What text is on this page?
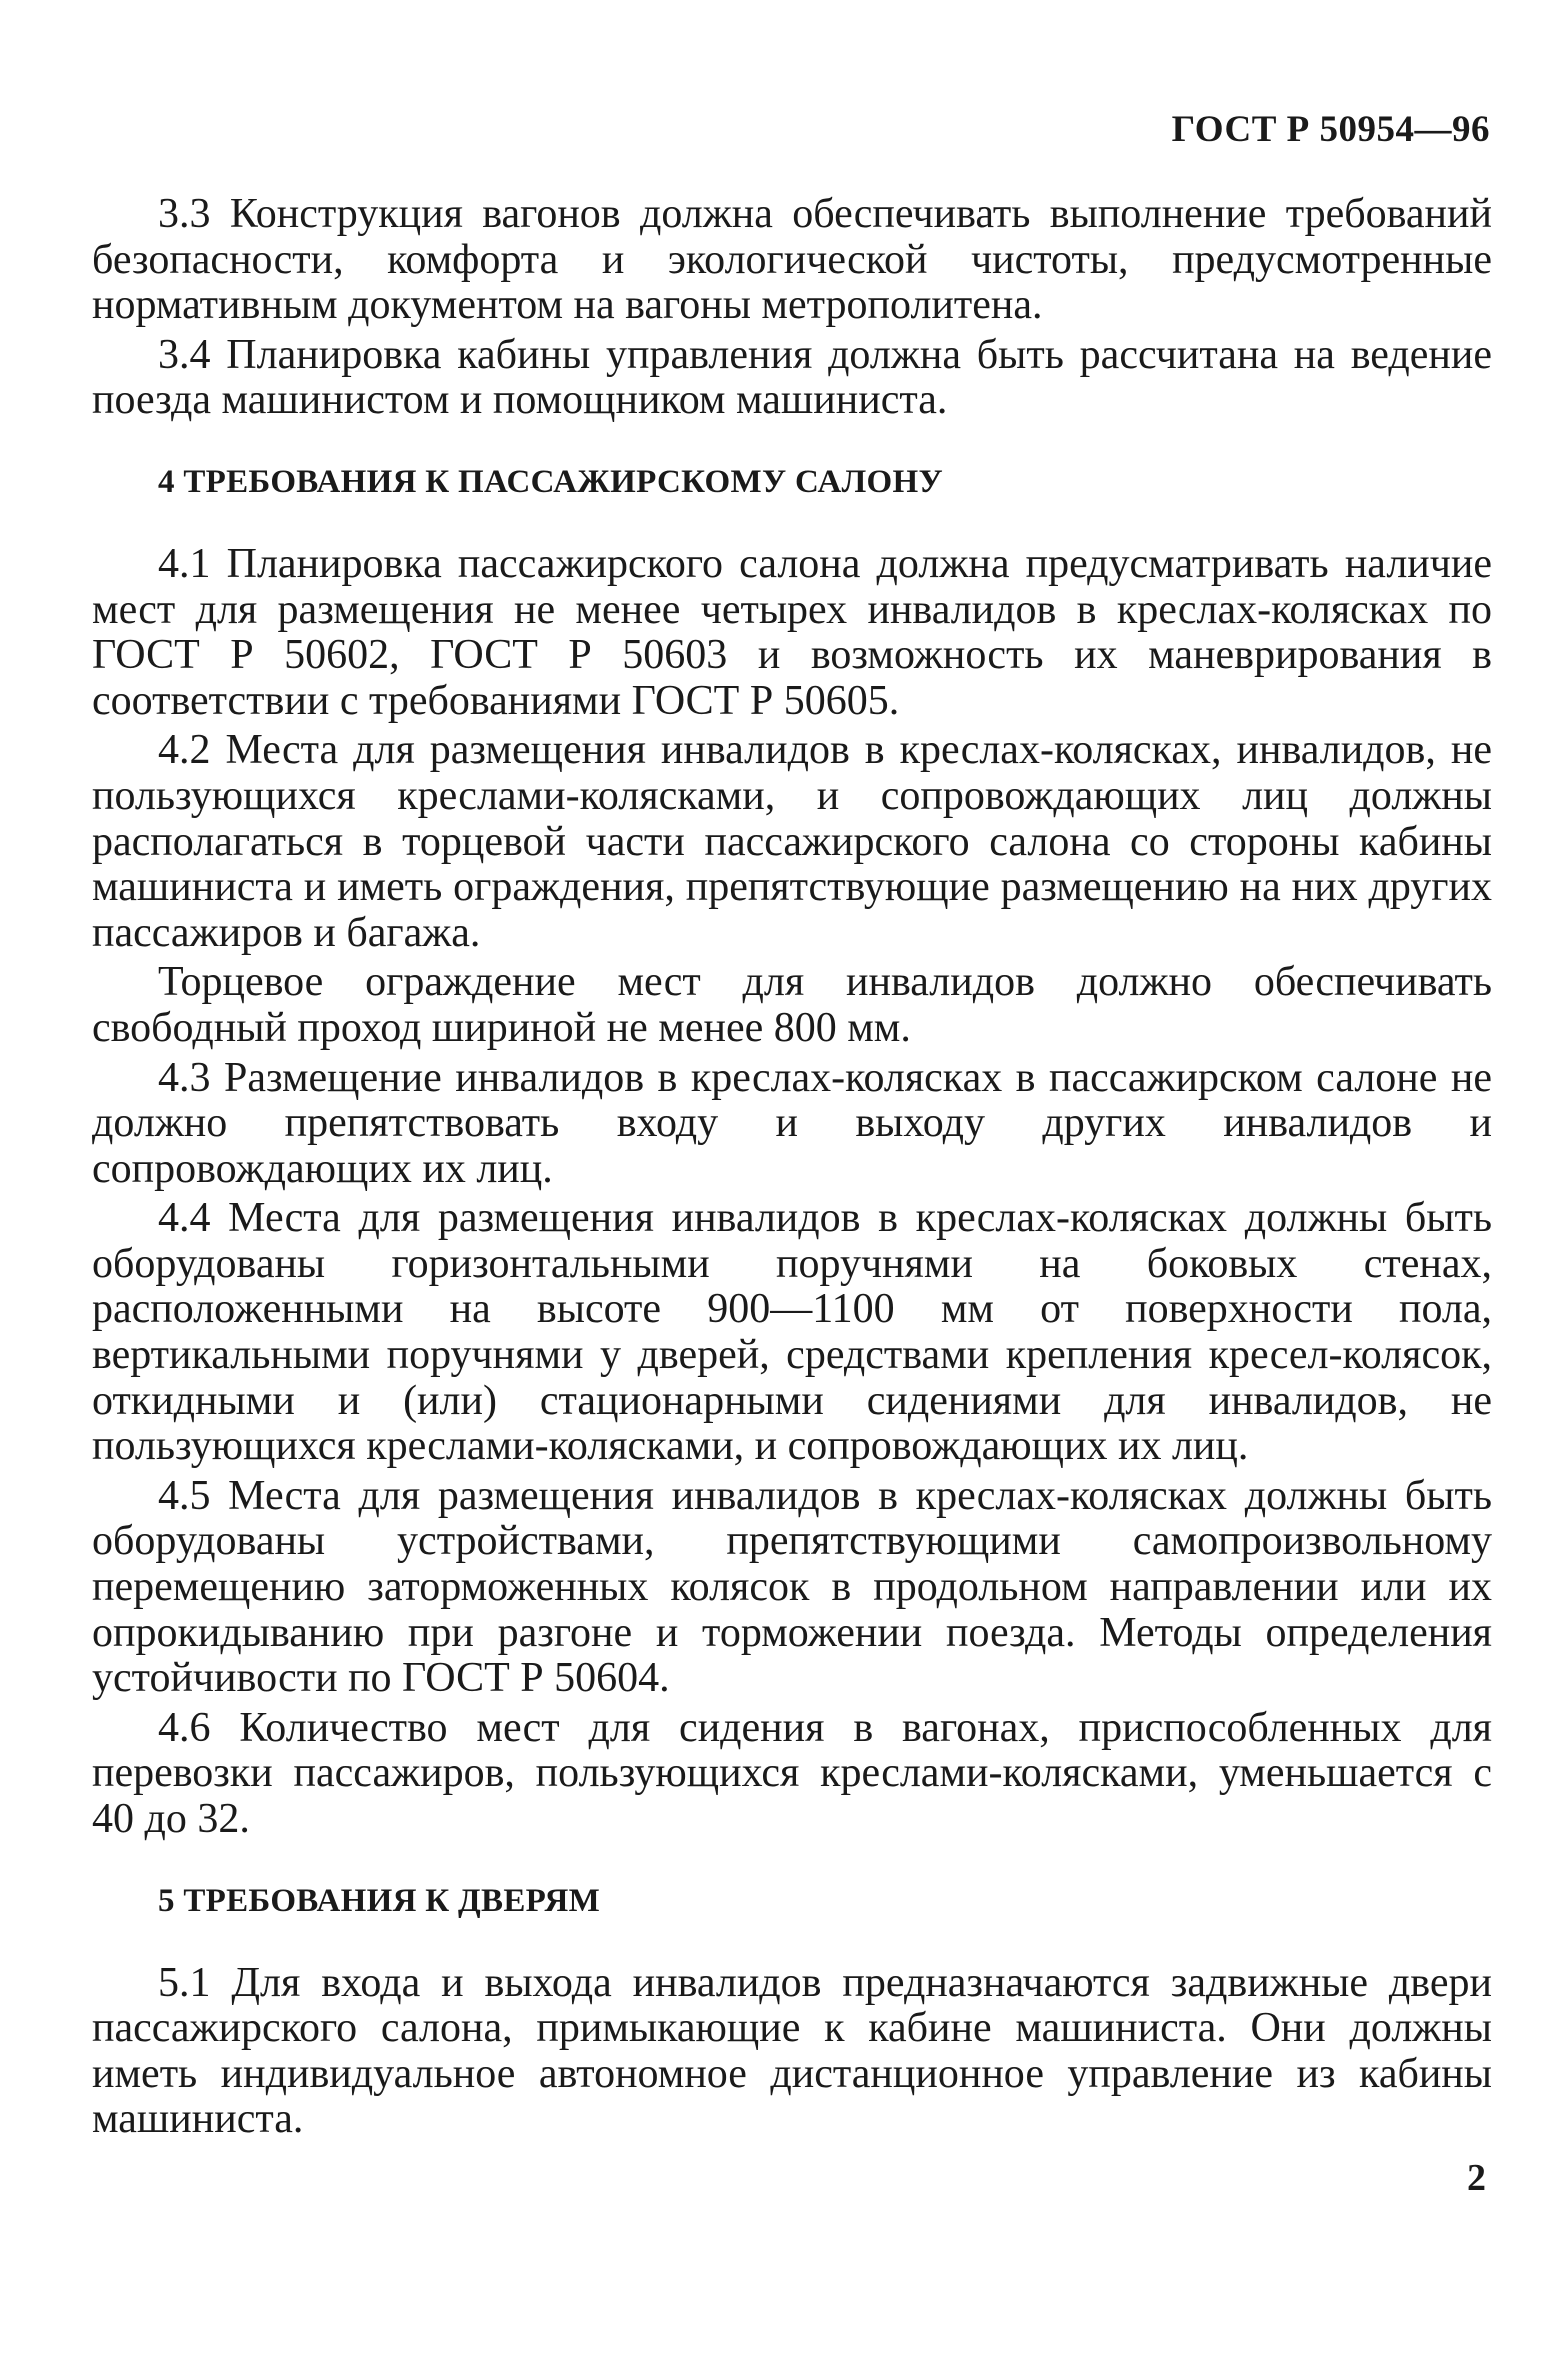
ГОСТ Р 50954—96

3.3 Конструкция вагонов должна обеспечивать выполнение требований безопасности, комфорта и экологической чистоты, предусмотренные нормативным документом на вагоны метрополитена.

3.4 Планировка кабины управления должна быть рассчитана на ведение поезда машинистом и помощником машиниста.

4 ТРЕБОВАНИЯ К ПАССАЖИРСКОМУ САЛОНУ

4.1 Планировка пассажирского салона должна предусматривать наличие мест для размещения не менее четырех инвалидов в креслах-колясках по ГОСТ Р 50602, ГОСТ Р 50603 и возможность их маневрирования в соответствии с требованиями ГОСТ Р 50605.

4.2 Места для размещения инвалидов в креслах-колясках, инвалидов, не пользующихся креслами-колясками, и сопровождающих лиц должны располагаться в торцевой части пассажирского салона со стороны кабины машиниста и иметь ограждения, препятствующие размещению на них других пассажиров и багажа.

Торцевое ограждение мест для инвалидов должно обеспечивать свободный проход шириной не менее 800 мм.

4.3 Размещение инвалидов в креслах-колясках в пассажирском салоне не должно препятствовать входу и выходу других инвалидов и сопровождающих их лиц.

4.4 Места для размещения инвалидов в креслах-колясках должны быть оборудованы горизонтальными поручнями на боковых стенах, расположенными на высоте 900—1100 мм от поверхности пола, вертикальными поручнями у дверей, средствами крепления кресел-колясок, откидными и (или) стационарными сидениями для инвалидов, не пользующихся креслами-колясками, и сопровождающих их лиц.

4.5 Места для размещения инвалидов в креслах-колясках должны быть оборудованы устройствами, препятствующими самопроизвольному перемещению заторможенных колясок в продольном направлении или их опрокидыванию при разгоне и торможении поезда. Методы определения устойчивости по ГОСТ Р 50604.

4.6 Количество мест для сидения в вагонах, приспособленных для перевозки пассажиров, пользующихся креслами-колясками, уменьшается с 40 до 32.

5 ТРЕБОВАНИЯ К ДВЕРЯМ

5.1 Для входа и выхода инвалидов предназначаются задвижные двери пассажирского салона, примыкающие к кабине машиниста. Они должны иметь индивидуальное автономное дистанционное управление из кабины машиниста.

2
